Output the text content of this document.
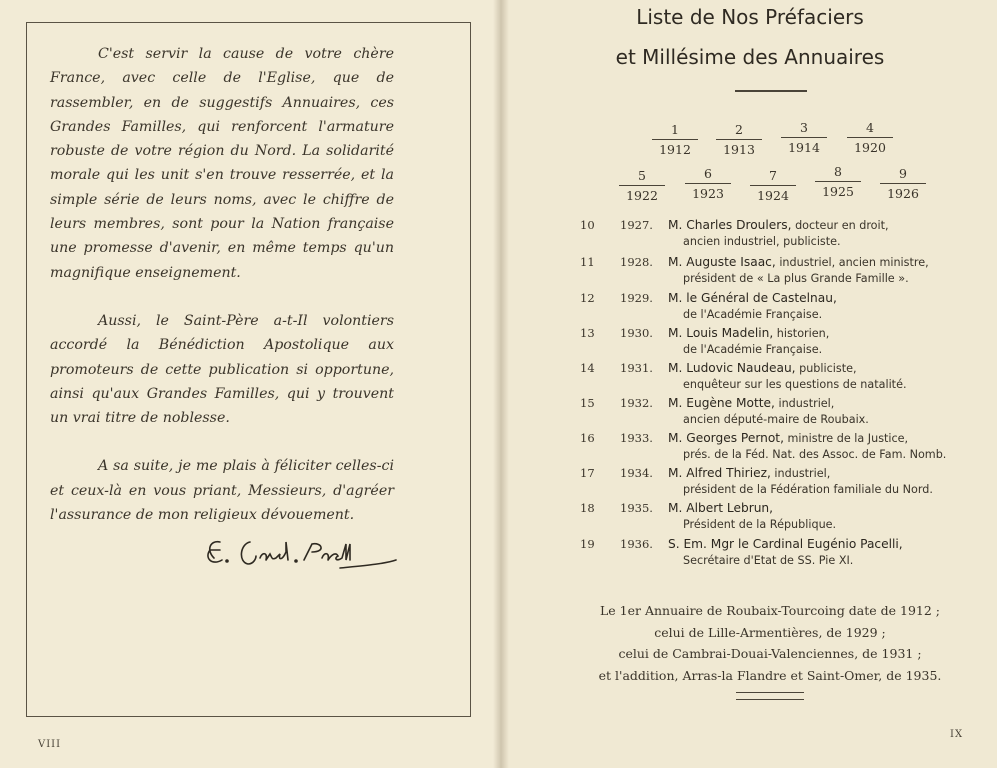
C'est servir la cause de votre chère France, avec celle de l'Eglise, que de rassembler, en de suggestifs Annuaires, ces Grandes Familles, qui renforcent l'armature robuste de votre région du Nord. La solidarité morale qui les unit s'en trouve resserrée, et la simple série de leurs noms, avec le chiffre de leurs membres, sont pour la Nation française une promesse d'avenir, en même temps qu'un magnifique enseignement.

Aussi, le Saint-Père a-t-Il volontiers accordé la Bénédiction Apostolique aux promoteurs de cette publication si opportune, ainsi qu'aux Grandes Familles, qui y trouvent un vrai titre de noblesse.

A sa suite, je me plais à féliciter celles-ci et ceux-là en vous priant, Messieurs, d'agréer l'assurance de mon religieux dévouement.

VIII
Liste de Nos Préfaciers
et Millésime des Annuaires
1
1912
2
1913
3
1914
4
1920
5
1922
6
1923
7
1924
8
1925
9
1926
10 1927. M. Charles Droulers, docteur en droit,
ancien industriel, publiciste.
11 1928. M. Auguste Isaac, industriel, ancien ministre,
président de « La plus Grande Famille ».
12 1929. M. le Général de Castelnau,
de l'Académie Française.
13 1930. M. Louis Madelin, historien,
de l'Académie Française.
14 1931. M. Ludovic Naudeau, publiciste,
enquêteur sur les questions de natalité.
15 1932. M. Eugène Motte, industriel,
ancien député-maire de Roubaix.
16 1933. M. Georges Pernot, ministre de la Justice,
prés. de la Féd. Nat. des Assoc. de Fam. Nomb.
17 1934. M. Alfred Thiriez, industriel,
président de la Fédération familiale du Nord.
18 1935. M. Albert Lebrun,
Président de la République.
19 1936. S. Em. Mgr le Cardinal Eugénio Pacelli,
Secrétaire d'Etat de SS. Pie XI.
Le 1er Annuaire de Roubaix-Tourcoing date de 1912 ;
celui de Lille-Armentières, de 1929 ;
celui de Cambrai-Douai-Valenciennes, de 1931 ;
et l'addition, Arras-la Flandre et Saint-Omer, de 1935.
IX
